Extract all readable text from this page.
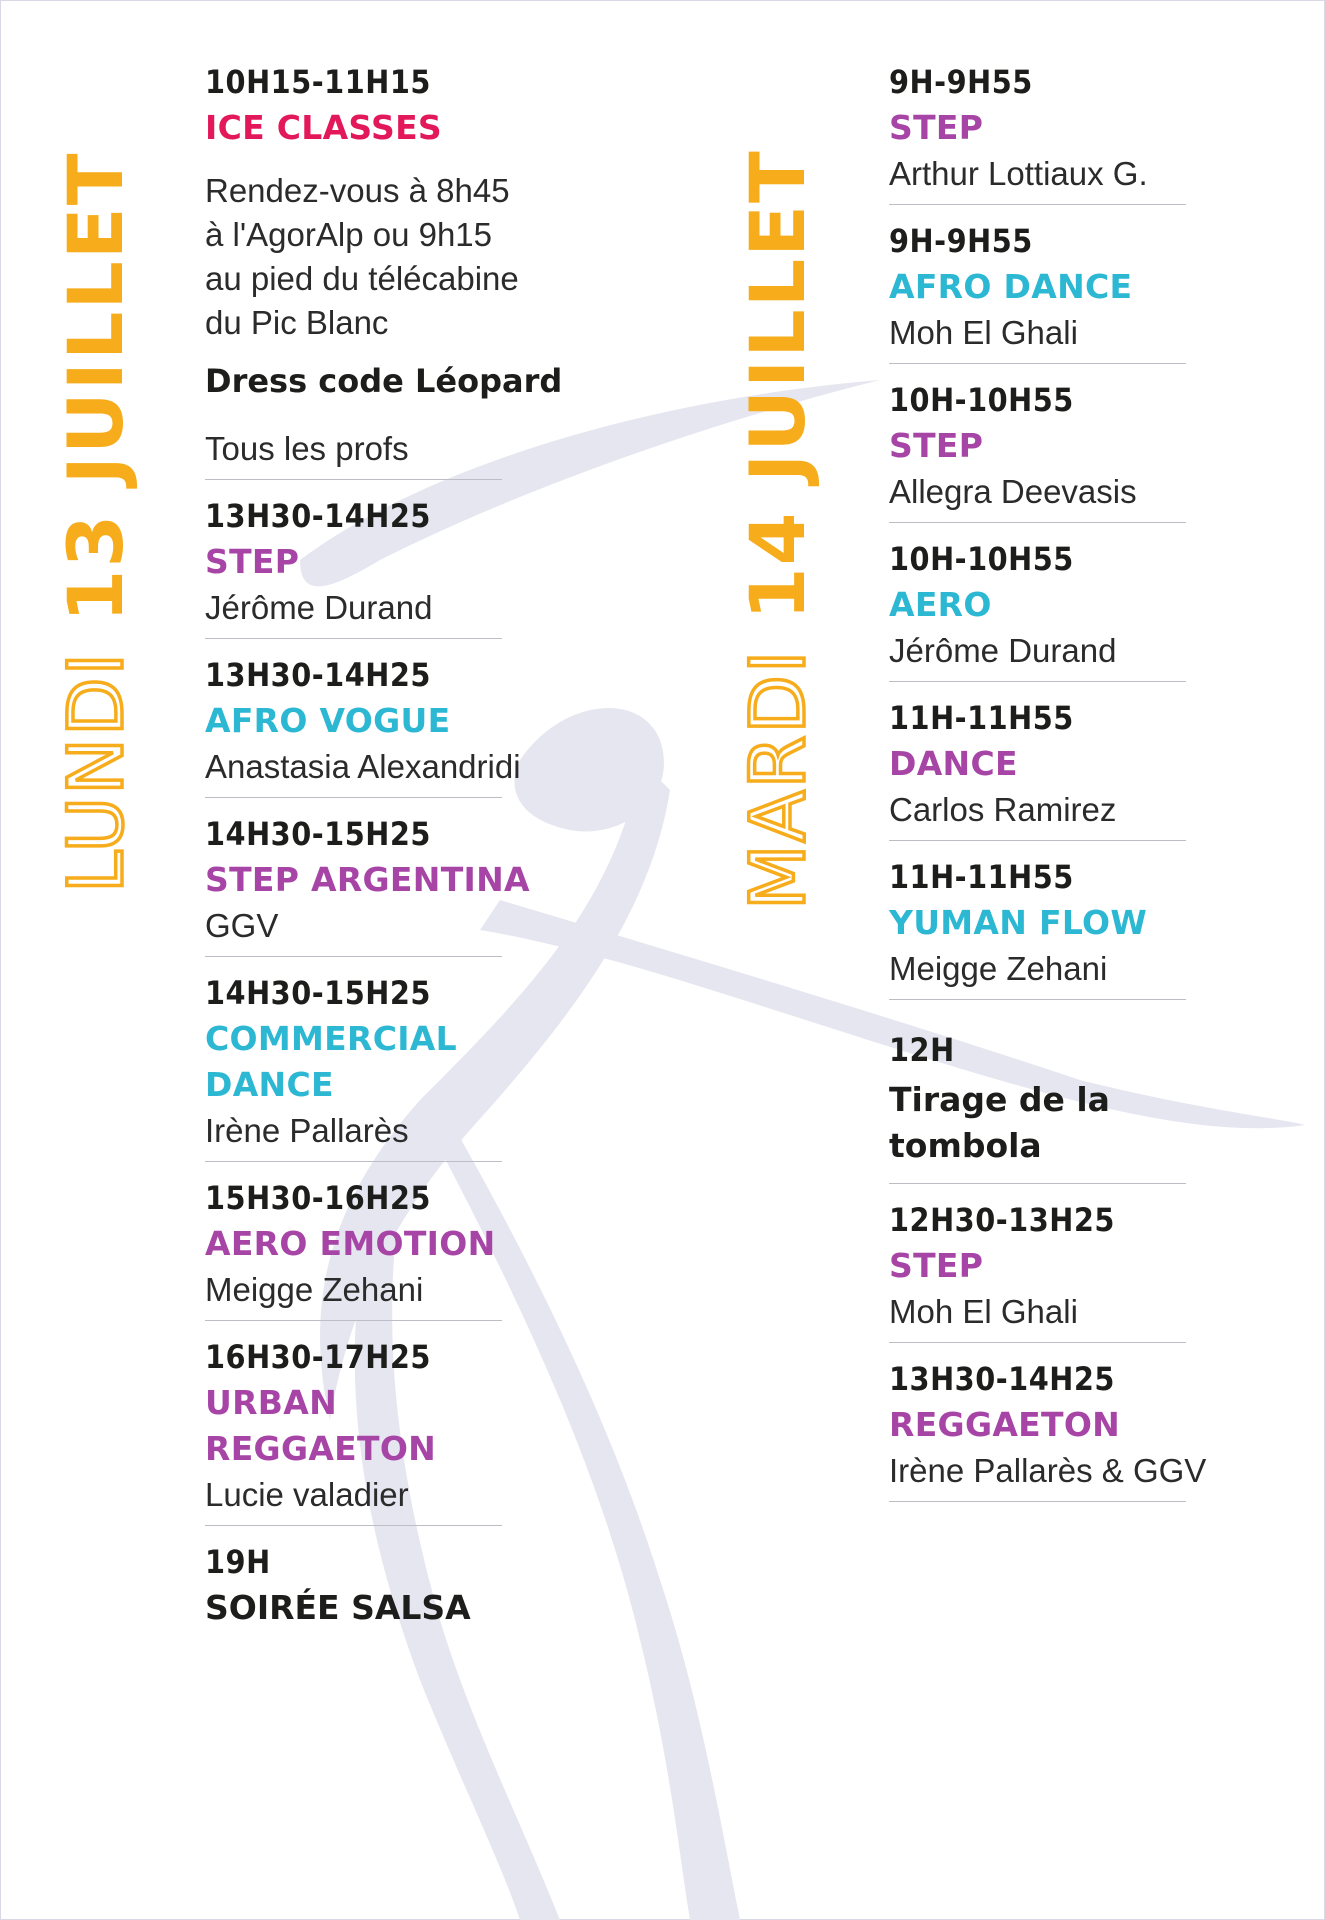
LUNDI 13 JUILLET
MARDI 14 JUILLET
10H15-11H15
ICE CLASSES
Rendez-vous à 8h45
à l'AgorAlp ou 9h15
au pied du télécabine
du Pic Blanc
Dress code Léopard
Tous les profs
13H30-14H25
STEP
Jérôme Durand
13H30-14H25
AFRO VOGUE
Anastasia Alexandridi
14H30-15H25
STEP ARGENTINA
GGV
14H30-15H25
COMMERCIAL DANCE
Irène Pallarès
15H30-16H25
AERO EMOTION
Meigge Zehani
16H30-17H25
URBAN REGGAETON
Lucie valadier
19H
SOIRÉE SALSA
9H-9H55
STEP
Arthur Lottiaux G.
9H-9H55
AFRO DANCE
Moh El Ghali
10H-10H55
STEP
Allegra Deevasis
10H-10H55
AERO
Jérôme Durand
11H-11H55
DANCE
Carlos Ramirez
11H-11H55
YUMAN FLOW
Meigge Zehani
12H
Tirage de la tombola
12H30-13H25
STEP
Moh El Ghali
13H30-14H25
REGGAETON
Irène Pallarès & GGV
